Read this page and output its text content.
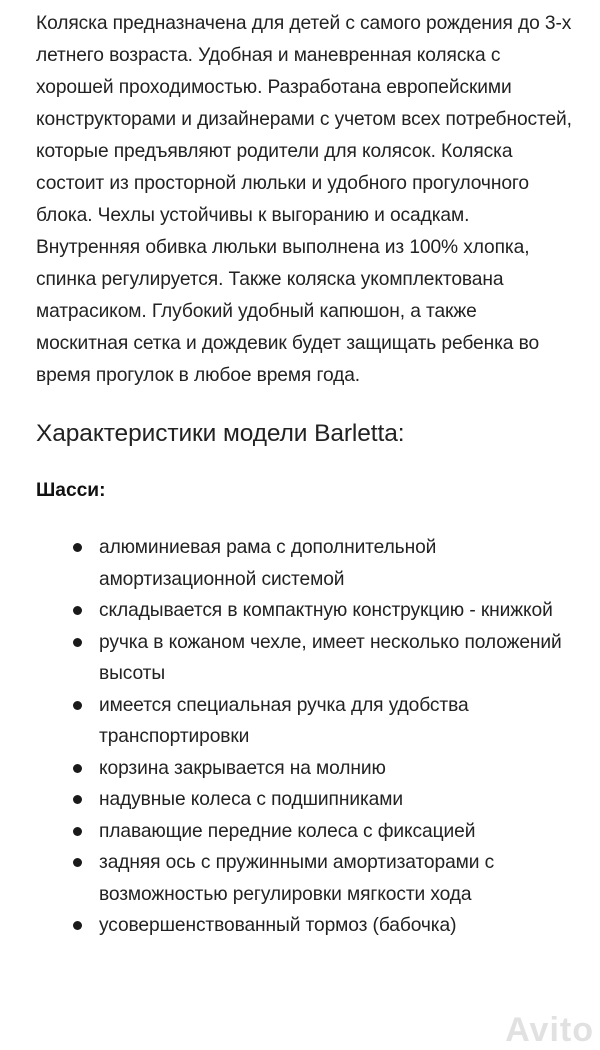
Коляска предназначена для детей с самого рождения до 3-х летнего возраста. Удобная и маневренная коляска с хорошей проходимостью. Разработана европейскими конструкторами и дизайнерами с учетом всех потребностей, которые предъявляют родители для колясок. Коляска состоит из просторной люльки и удобного прогулочного блока. Чехлы устойчивы к выгоранию и осадкам. Внутренняя обивка люльки выполнена из 100% хлопка, спинка регулируется. Также коляска укомплектована матрасиком. Глубокий удобный капюшон, а также москитная сетка и дождевик будет защищать ребенка во время прогулок в любое время года.

Характеристики модели Barletta:
Шасси:
алюминиевая рама с дополнительной амортизационной системой
складывается в компактную конструкцию - книжкой
ручка в кожаном чехле, имеет несколько положений высоты
имеется специальная ручка для удобства транспортировки
корзина закрывается на молнию
надувные колеса с подшипниками
плавающие передние колеса с фиксацией
задняя ось с пружинными амортизаторами с возможностью регулировки мягкости хода
усовершенствованный тормоз (бабочка)
Avito
